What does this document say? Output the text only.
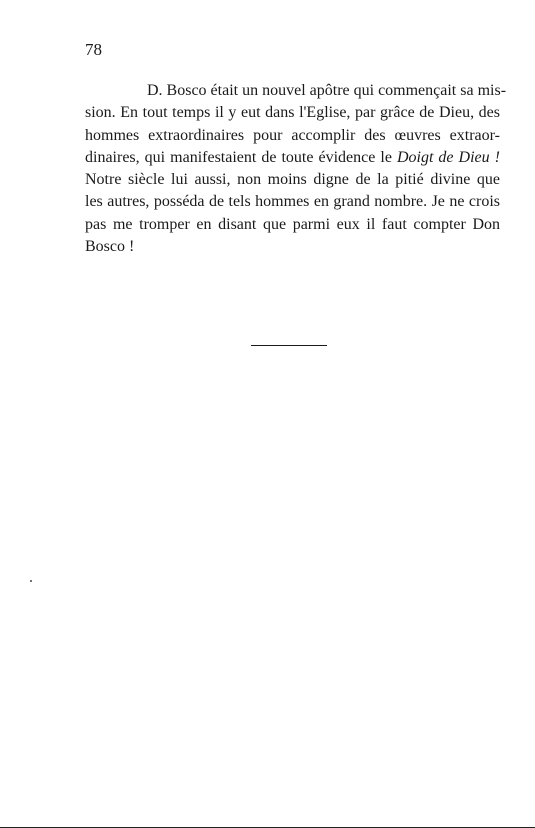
78
D. Bosco était un nouvel apôtre qui commençait sa mis-
sion. En tout temps il y eut dans l'Eglise, par grâce de Dieu, des
hommes extraordinaires pour accomplir des œuvres extraor-
dinaires, qui manifestaient de toute évidence le Doigt de Dieu !
Notre siècle lui aussi, non moins digne de la pitié divine que
les autres, posséda de tels hommes en grand nombre. Je ne crois
pas me tromper en disant que parmi eux il faut compter Don
Bosco !
